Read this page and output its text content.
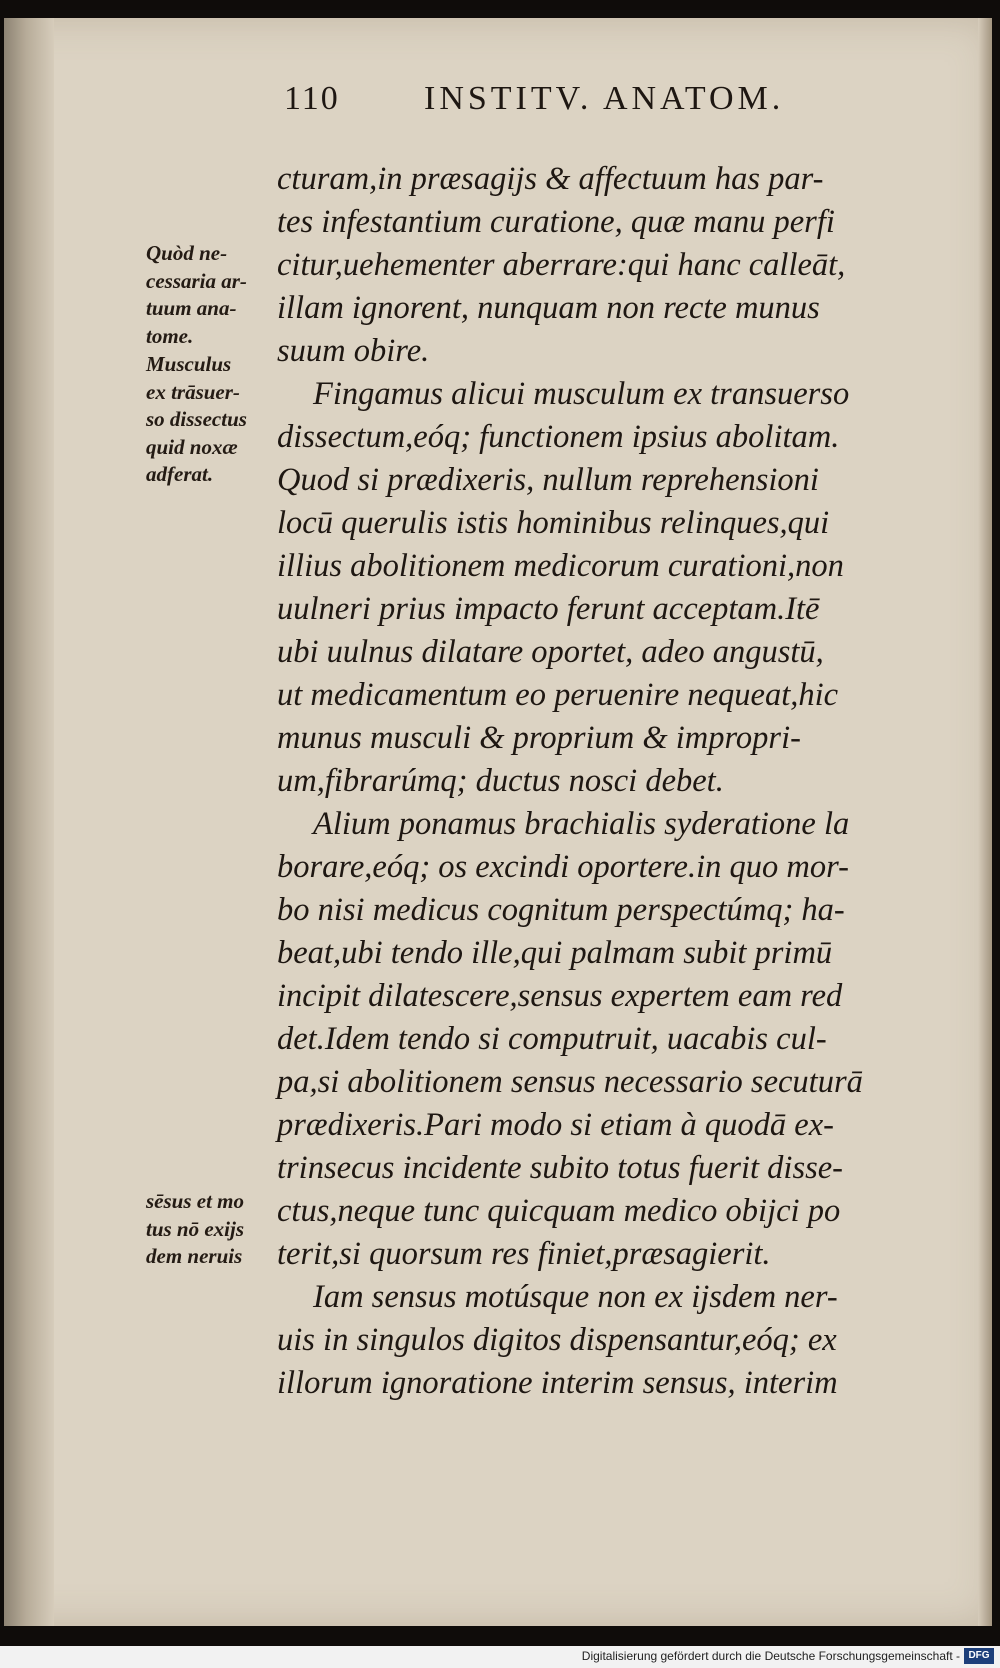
110 INSTITV. ANATOM.
cturam,in præsagijs & affectuum has par-
tes infestantium curatione, quæ manu perfi
citur,uehementer aberrare:qui hanc calleāt,
illam ignorent, nunquam non recte munus
suum obire.
Fingamus alicui musculum ex transuerso
dissectum,eóq; functionem ipsius abolitam.
Quod si prædixeris, nullum reprehensioni
locū querulis istis hominibus relinques,qui
illius abolitionem medicorum curationi,non
uulneri prius impacto ferunt acceptam.Itē
ubi uulnus dilatare oportet, adeo angustū,
ut medicamentum eo peruenire nequeat,hic
munus musculi & proprium & impropri-
um,fibrarúmq; ductus nosci debet.
Alium ponamus brachialis syderatione la
borare,eóq; os excindi oportere.in quo mor-
bo nisi medicus cognitum perspectúmq; ha-
beat,ubi tendo ille,qui palmam subit primū
incipit dilatescere,sensus expertem eam red
det.Idem tendo si computruit, uacabis cul-
pa,si abolitionem sensus necessario secuturā
prædixeris.Pari modo si etiam à quodā ex-
trinsecus incidente subito totus fuerit disse-
ctus,neque tunc quicquam medico obijci po
terit,si quorsum res finiet,præsagierit.
Iam sensus motúsque non ex ijsdem ner-
uis in singulos digitos dispensantur,eóq; ex
illorum ignoratione interim sensus, interim
Quòd ne-
cessaria ar-
tuum ana-
tome.
Musculus
ex trāsuer-
so dissectus
quid noxæ
adferat.
sēsus et mo
tus nō exijs
dem neruis
Digitalisierung gefördert durch die Deutsche Forschungsgemeinschaft - DFG
